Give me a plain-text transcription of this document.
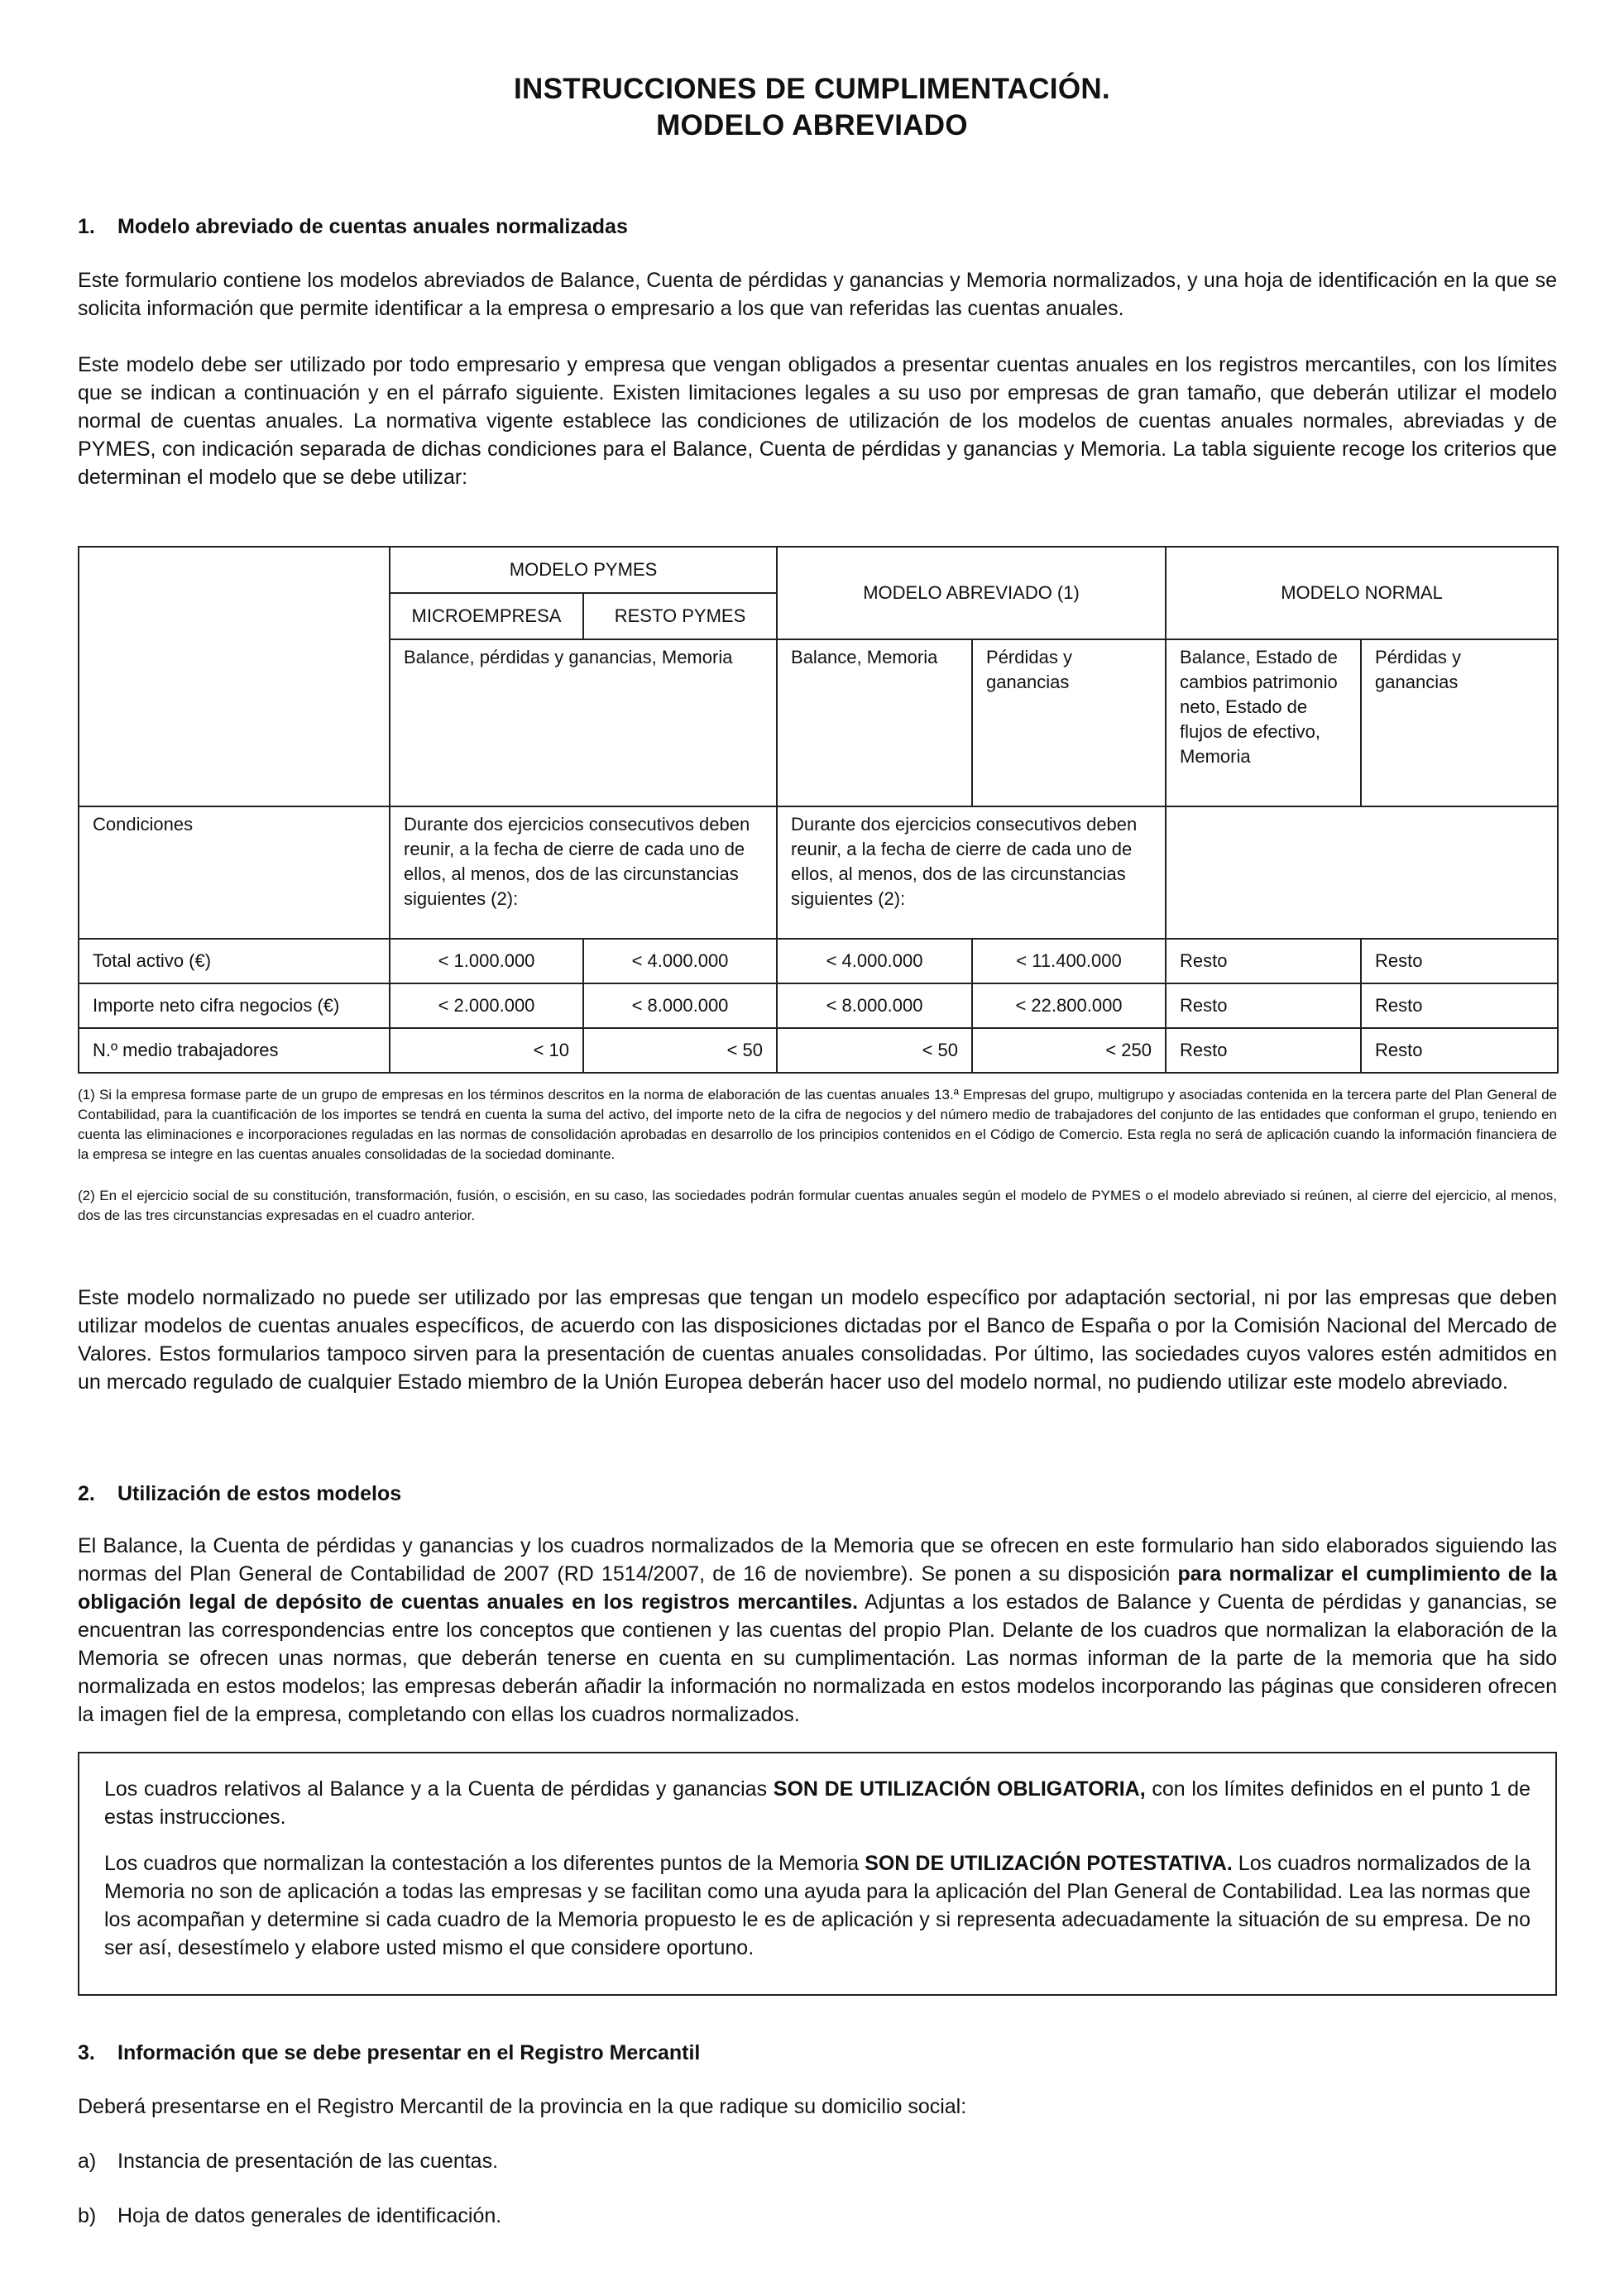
INSTRUCCIONES DE CUMPLIMENTACIÓN.
MODELO ABREVIADO
1. Modelo abreviado de cuentas anuales normalizadas
Este formulario contiene los modelos abreviados de Balance, Cuenta de pérdidas y ganancias y Memoria normalizados, y una hoja de identificación en la que se solicita información que permite identificar a la empresa o empresario a los que van referidas las cuentas anuales.
Este modelo debe ser utilizado por todo empresario y empresa que vengan obligados a presentar cuentas anuales en los registros mercantiles, con los límites que se indican a continuación y en el párrafo siguiente. Existen limitaciones legales a su uso por empresas de gran tamaño, que deberán utilizar el modelo normal de cuentas anuales. La normativa vigente establece las condiciones de utilización de los modelos de cuentas anuales normales, abreviadas y de PYMES, con indicación separada de dichas condiciones para el Balance, Cuenta de pérdidas y ganancias y Memoria. La tabla siguiente recoge los criterios que determinan el modelo que se debe utilizar:
	MODELO PYMES		MODELO ABREVIADO (1)		MODELO NORMAL	
	MICROEMPRESA	RESTO PYMES				
	Balance, pérdidas y ganancias, Memoria		Balance, Memoria	Pérdidas y ganancias	Balance, Estado de cambios patrimonio neto, Estado de flujos de efectivo, Memoria	Pérdidas y ganancias
Condiciones	Durante dos ejercicios consecutivos deben reunir, a la fecha de cierre de cada uno de ellos, al menos, dos de las circunstancias siguientes (2):		Durante dos ejercicios consecutivos deben reunir, a la fecha de cierre de cada uno de ellos, al menos, dos de las circunstancias siguientes (2):			
Total activo (€)	< 1.000.000	< 4.000.000	< 4.000.000	< 11.400.000	Resto	Resto
Importe neto cifra negocios (€)	< 2.000.000	< 8.000.000	< 8.000.000	< 22.800.000	Resto	Resto
N.º medio trabajadores	< 10	< 50	< 50	< 250	Resto	Resto
(1) Si la empresa formase parte de un grupo de empresas en los términos descritos en la norma de elaboración de las cuentas anuales 13.ª Empresas del grupo, multigrupo y asociadas contenida en la tercera parte del Plan General de Contabilidad, para la cuantificación de los importes se tendrá en cuenta la suma del activo, del importe neto de la cifra de negocios y del número medio de trabajadores del conjunto de las entidades que conforman el grupo, teniendo en cuenta las eliminaciones e incorporaciones reguladas en las normas de consolidación aprobadas en desarrollo de los principios contenidos en el Código de Comercio. Esta regla no será de aplicación cuando la información financiera de la empresa se integre en las cuentas anuales consolidadas de la sociedad dominante.
(2) En el ejercicio social de su constitución, transformación, fusión, o escisión, en su caso, las sociedades podrán formular cuentas anuales según el modelo de PYMES o el modelo abreviado si reúnen, al cierre del ejercicio, al menos, dos de las tres circunstancias expresadas en el cuadro anterior.
Este modelo normalizado no puede ser utilizado por las empresas que tengan un modelo específico por adaptación sectorial, ni por las empresas que deben utilizar modelos de cuentas anuales específicos, de acuerdo con las disposiciones dictadas por el Banco de España o por la Comisión Nacional del Mercado de Valores. Estos formularios tampoco sirven para la presentación de cuentas anuales consolidadas. Por último, las sociedades cuyos valores estén admitidos en un mercado regulado de cualquier Estado miembro de la Unión Europea deberán hacer uso del modelo normal, no pudiendo utilizar este modelo abreviado.
2. Utilización de estos modelos
El Balance, la Cuenta de pérdidas y ganancias y los cuadros normalizados de la Memoria que se ofrecen en este formulario han sido elaborados siguiendo las normas del Plan General de Contabilidad de 2007 (RD 1514/2007, de 16 de noviembre). Se ponen a su disposición para normalizar el cumplimiento de la obligación legal de depósito de cuentas anuales en los registros mercantiles. Adjuntas a los estados de Balance y Cuenta de pérdidas y ganancias, se encuentran las correspondencias entre los conceptos que contienen y las cuentas del propio Plan. Delante de los cuadros que normalizan la elaboración de la Memoria se ofrecen unas normas, que deberán tenerse en cuenta en su cumplimentación. Las normas informan de la parte de la memoria que ha sido normalizada en estos modelos; las empresas deberán añadir la información no normalizada en estos modelos incorporando las páginas que consideren ofrecen la imagen fiel de la empresa, completando con ellas los cuadros normalizados.

Los cuadros relativos al Balance y a la Cuenta de pérdidas y ganancias SON DE UTILIZACIÓN OBLIGATORIA, con los límites definidos en el punto 1 de estas instrucciones.

Los cuadros que normalizan la contestación a los diferentes puntos de la Memoria SON DE UTILIZACIÓN POTESTATIVA. Los cuadros normalizados de la Memoria no son de aplicación a todas las empresas y se facilitan como una ayuda para la aplicación del Plan General de Contabilidad. Lea las normas que los acompañan y determine si cada cuadro de la Memoria propuesto le es de aplicación y si representa adecuadamente la situación de su empresa. De no ser así, desestímelo y elabore usted mismo el que considere oportuno.

3. Información que se debe presentar en el Registro Mercantil
Deberá presentarse en el Registro Mercantil de la provincia en la que radique su domicilio social:
a) Instancia de presentación de las cuentas.
b) Hoja de datos generales de identificación.
